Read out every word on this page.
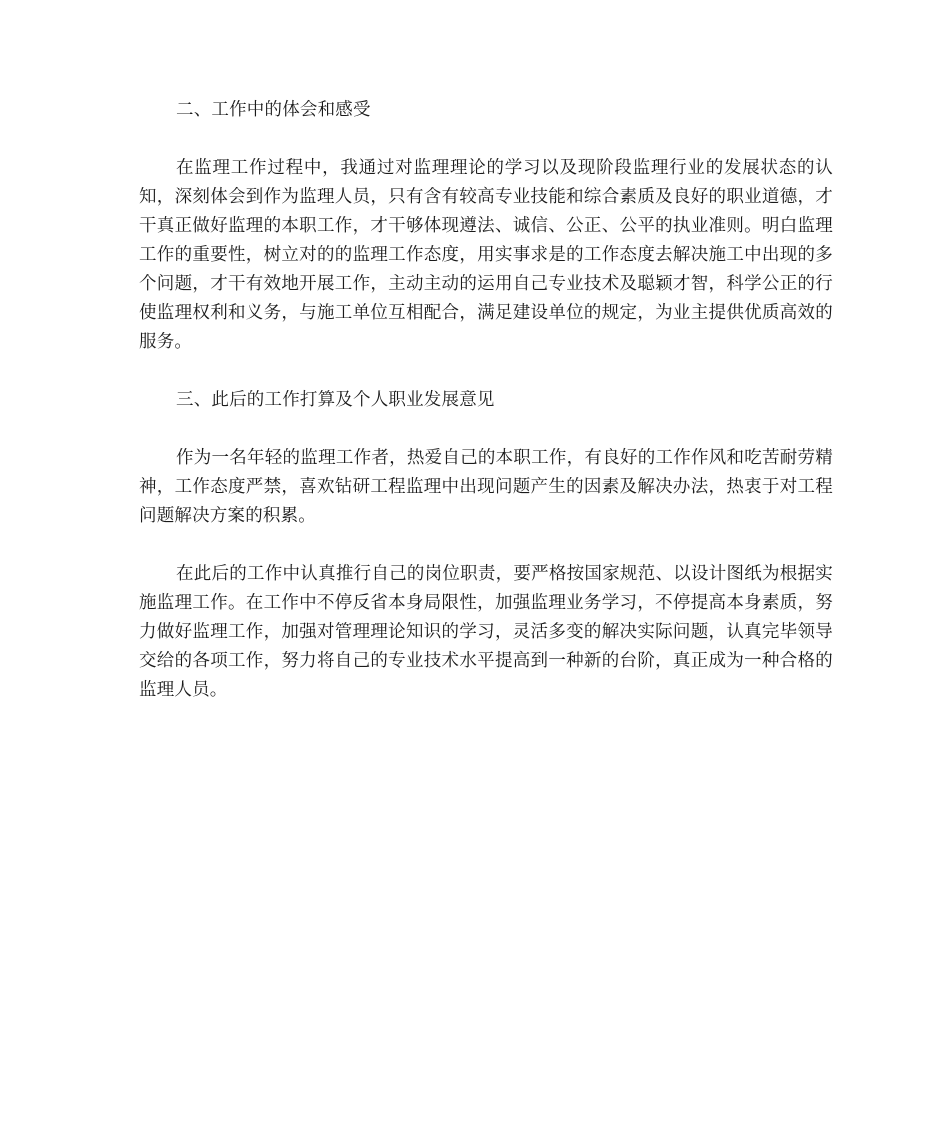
二、工作中的体会和感受

在监理工作过程中，我通过对监理理论的学习以及现阶段监理行业的发展状态的认知，深刻体会到作为监理人员，只有含有较高专业技能和综合素质及良好的职业道德，才干真正做好监理的本职工作，才干够体现遵法、诚信、公正、公平的执业准则。明白监理工作的重要性，树立对的的监理工作态度，用实事求是的工作态度去解决施工中出现的多个问题，才干有效地开展工作，主动主动的运用自己专业技术及聪颖才智，科学公正的行使监理权利和义务，与施工单位互相配合，满足建设单位的规定，为业主提供优质高效的服务。

三、此后的工作打算及个人职业发展意见

作为一名年轻的监理工作者，热爱自己的本职工作，有良好的工作作风和吃苦耐劳精神，工作态度严禁，喜欢钻研工程监理中出现问题产生的因素及解决办法，热衷于对工程问题解决方案的积累。

在此后的工作中认真推行自己的岗位职责，要严格按国家规范、以设计图纸为根据实施监理工作。在工作中不停反省本身局限性，加强监理业务学习，不停提高本身素质，努力做好监理工作，加强对管理理论知识的学习，灵活多变的解决实际问题，认真完毕领导交给的各项工作，努力将自己的专业技术水平提高到一种新的台阶，真正成为一种合格的监理人员。
